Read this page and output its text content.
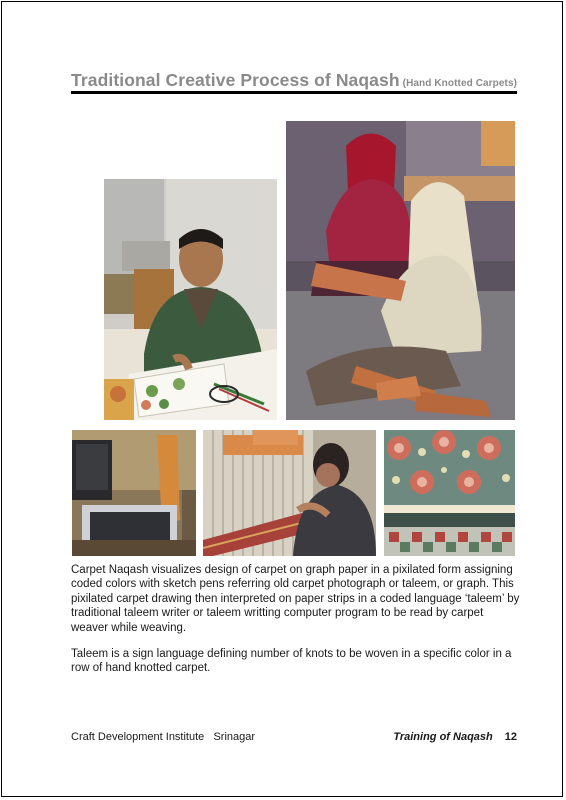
Traditional Creative Process of Naqash (Hand Knotted Carpets)
Carpet Naqash visualizes design of carpet on graph paper in a pixilated form assigning coded colors with sketch pens referring old carpet photograph or taleem, or graph. This pixilated carpet drawing then interpreted on paper strips in a coded language ‘taleem’ by traditional taleem writer or taleem writting computer program to be read by carpet weaver while weaving.
Taleem is a sign language defining number of knots to be woven in a specific color in a row of hand knotted carpet.
Craft Development Institute   Srinagar	Training of Naqash 12
